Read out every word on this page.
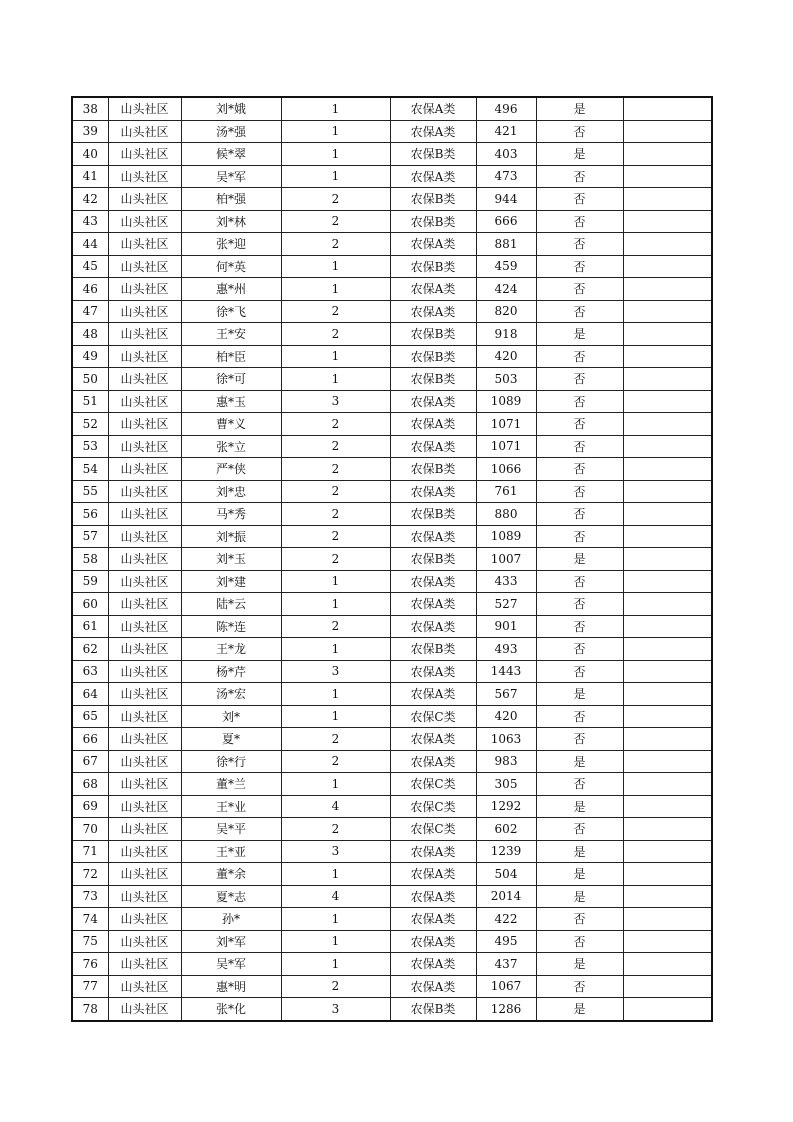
38	山头社区	刘*娥	1	农保A类	496	是	
39	山头社区	汤*强	1	农保A类	421	否	
40	山头社区	候*翠	1	农保B类	403	是	
41	山头社区	吴*军	1	农保A类	473	否	
42	山头社区	柏*强	2	农保B类	944	否	
43	山头社区	刘*林	2	农保B类	666	否	
44	山头社区	张*迎	2	农保A类	881	否	
45	山头社区	何*英	1	农保B类	459	否	
46	山头社区	惠*州	1	农保A类	424	否	
47	山头社区	徐*飞	2	农保A类	820	否	
48	山头社区	王*安	2	农保B类	918	是	
49	山头社区	柏*臣	1	农保B类	420	否	
50	山头社区	徐*可	1	农保B类	503	否	
51	山头社区	惠*玉	3	农保A类	1089	否	
52	山头社区	曹*义	2	农保A类	1071	否	
53	山头社区	张*立	2	农保A类	1071	否	
54	山头社区	严*侠	2	农保B类	1066	否	
55	山头社区	刘*忠	2	农保A类	761	否	
56	山头社区	马*秀	2	农保B类	880	否	
57	山头社区	刘*振	2	农保A类	1089	否	
58	山头社区	刘*玉	2	农保B类	1007	是	
59	山头社区	刘*建	1	农保A类	433	否	
60	山头社区	陆*云	1	农保A类	527	否	
61	山头社区	陈*连	2	农保A类	901	否	
62	山头社区	王*龙	1	农保B类	493	否	
63	山头社区	杨*芹	3	农保A类	1443	否	
64	山头社区	汤*宏	1	农保A类	567	是	
65	山头社区	刘*	1	农保C类	420	否	
66	山头社区	夏*	2	农保A类	1063	否	
67	山头社区	徐*行	2	农保A类	983	是	
68	山头社区	董*兰	1	农保C类	305	否	
69	山头社区	王*业	4	农保C类	1292	是	
70	山头社区	吴*平	2	农保C类	602	否	
71	山头社区	王*亚	3	农保A类	1239	是	
72	山头社区	董*余	1	农保A类	504	是	
73	山头社区	夏*志	4	农保A类	2014	是	
74	山头社区	孙*	1	农保A类	422	否	
75	山头社区	刘*军	1	农保A类	495	否	
76	山头社区	吴*军	1	农保A类	437	是	
77	山头社区	惠*明	2	农保A类	1067	否	
78	山头社区	张*化	3	农保B类	1286	是	
